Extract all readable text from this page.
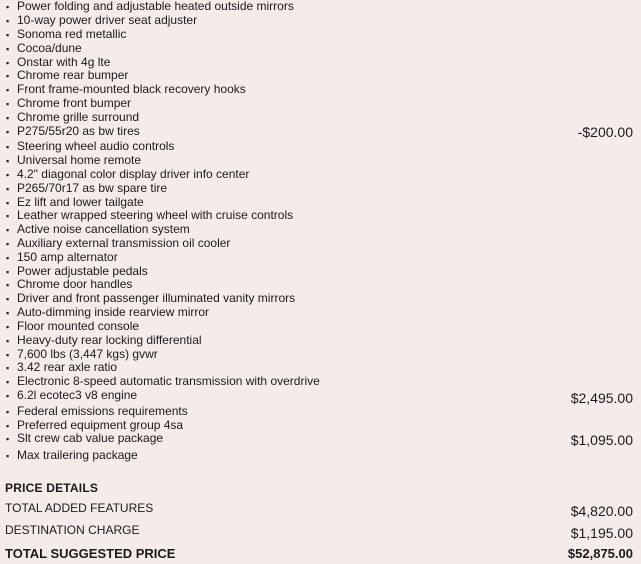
▪ Power folding and adjustable heated outside mirrors
▪ 10-way power driver seat adjuster
▪ Sonoma red metallic
▪ Cocoa/dune
▪ Onstar with 4g lte
▪ Chrome rear bumper
▪ Front frame-mounted black recovery hooks
▪ Chrome front bumper
▪ Chrome grille surround
▪ P275/55r20 as bw tires	-$200.00
▪ Steering wheel audio controls
▪ Universal home remote
▪ 4.2" diagonal color display driver info center
▪ P265/70r17 as bw spare tire
▪ Ez lift and lower tailgate
▪ Leather wrapped steering wheel with cruise controls
▪ Active noise cancellation system
▪ Auxiliary external transmission oil cooler
▪ 150 amp alternator
▪ Power adjustable pedals
▪ Chrome door handles
▪ Driver and front passenger illuminated vanity mirrors
▪ Auto-dimming inside rearview mirror
▪ Floor mounted console
▪ Heavy-duty rear locking differential
▪ 7,600 lbs (3,447 kgs) gvwr
▪ 3.42 rear axle ratio
▪ Electronic 8-speed automatic transmission with overdrive
▪ 6.2l ecotec3 v8 engine	$2,495.00
▪ Federal emissions requirements
▪ Preferred equipment group 4sa
▪ Slt crew cab value package	$1,095.00
▪ Max trailering package
PRICE DETAILS
TOTAL ADDED FEATURES	$4,820.00
DESTINATION CHARGE	$1,195.00
TOTAL SUGGESTED PRICE	$52,875.00
